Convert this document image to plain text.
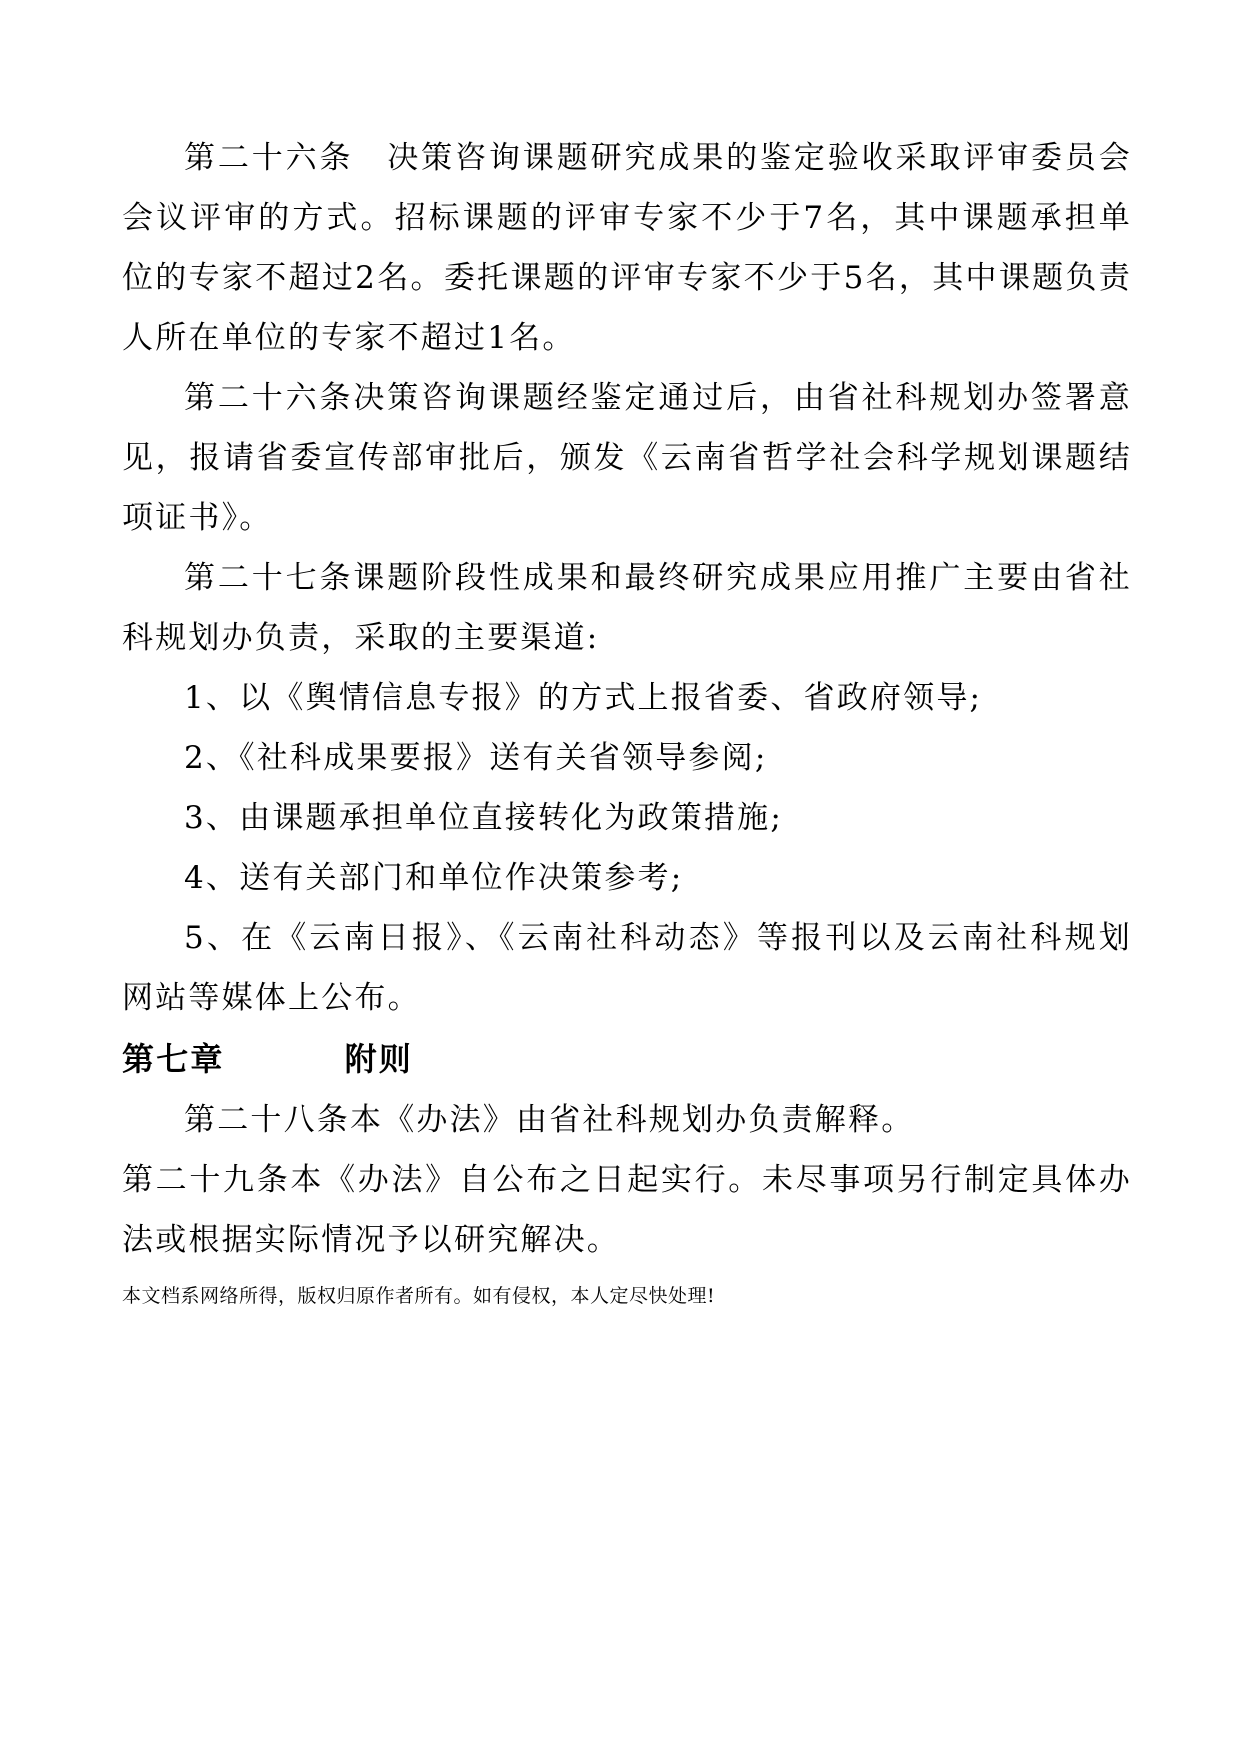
第二十六条　决策咨询课题研究成果的鉴定验收采取评审委员会会议评审的方式。招标课题的评审专家不少于7名，其中课题承担单位的专家不超过2名。委托课题的评审专家不少于5名，其中课题负责人所在单位的专家不超过1名。

第二十六条决策咨询课题经鉴定通过后，由省社科规划办签署意见，报请省委宣传部审批后，颁发《云南省哲学社会科学规划课题结项证书》。

第二十七条课题阶段性成果和最终研究成果应用推广主要由省社科规划办负责，采取的主要渠道:

1、以《舆情信息专报》的方式上报省委、省政府领导;

2、《社科成果要报》送有关省领导参阅;

3、由课题承担单位直接转化为政策措施;

4、送有关部门和单位作决策参考;

5、在《云南日报》、《云南社科动态》等报刊以及云南社科规划网站等媒体上公布。

第七章	附则

第二十八条本《办法》由省社科规划办负责解释。

第二十九条本《办法》自公布之日起实行。未尽事项另行制定具体办法或根据实际情况予以研究解决。

本文档系网络所得，版权归原作者所有。如有侵权，本人定尽快处理!
